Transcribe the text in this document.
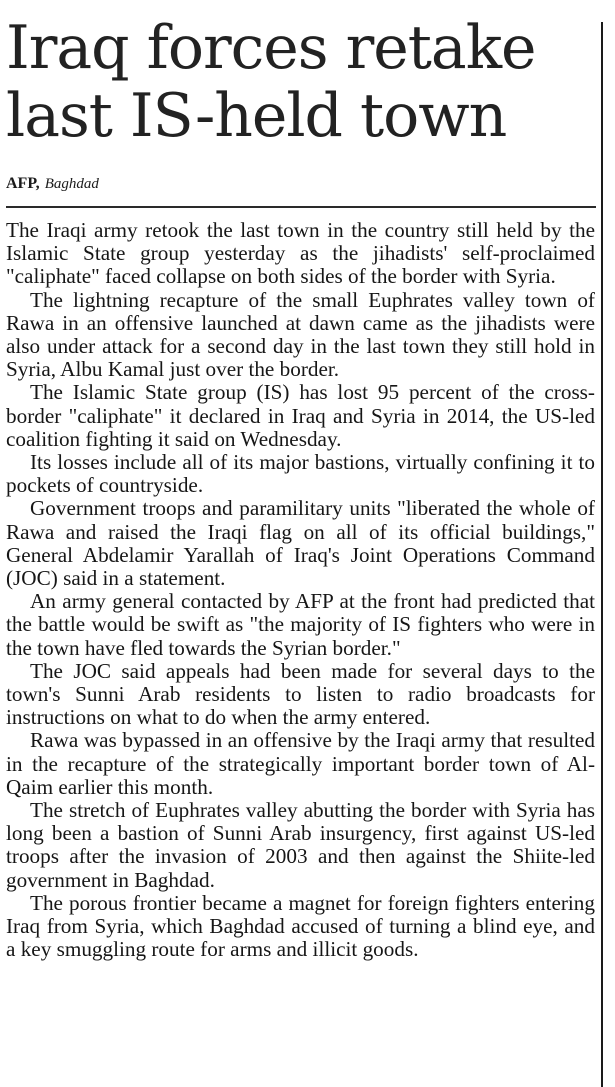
Iraq forces retake
last IS-held town
AFP, Baghdad

The Iraqi army retook the last town in the country still held by the Islamic State group yesterday as the jihadists' self-proclaimed "caliphate" faced collapse on both sides of the border with Syria.

The lightning recapture of the small Euphrates valley town of Rawa in an offensive launched at dawn came as the jihadists were also under attack for a second day in the last town they still hold in Syria, Albu Kamal just over the border.

The Islamic State group (IS) has lost 95 percent of the cross-border "caliphate" it declared in Iraq and Syria in 2014, the US-led coalition fighting it said on Wednesday.

Its losses include all of its major bastions, virtually confining it to pockets of countryside.

Government troops and paramilitary units "liberated the whole of Rawa and raised the Iraqi flag on all of its official buildings," General Abdelamir Yarallah of Iraq's Joint Operations Command (JOC) said in a statement.

An army general contacted by AFP at the front had predicted that the battle would be swift as "the majority of IS fighters who were in the town have fled towards the Syrian border."

The JOC said appeals had been made for several days to the town's Sunni Arab residents to listen to radio broadcasts for instructions on what to do when the army entered.

Rawa was bypassed in an offensive by the Iraqi army that resulted in the recapture of the strategically important border town of Al-Qaim earlier this month.

The stretch of Euphrates valley abutting the border with Syria has long been a bastion of Sunni Arab insurgency, first against US-led troops after the invasion of 2003 and then against the Shiite-led government in Baghdad.

The porous frontier became a magnet for foreign fighters entering Iraq from Syria, which Baghdad accused of turning a blind eye, and a key smuggling route for arms and illicit goods.
